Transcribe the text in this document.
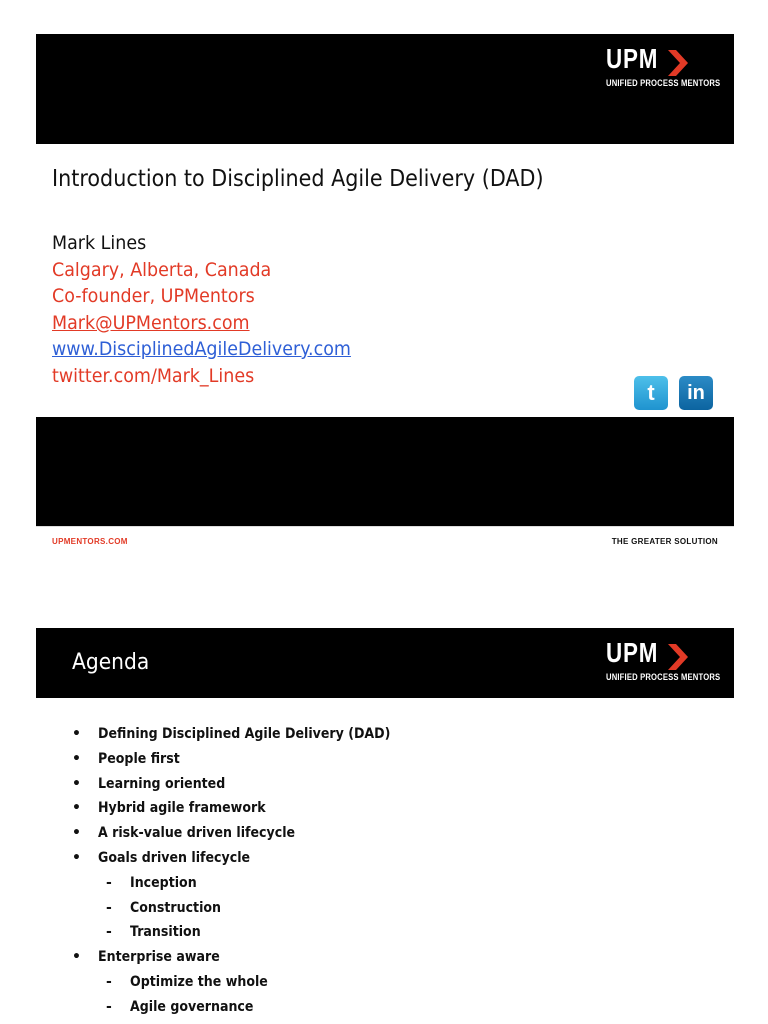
UPM
UNIFIED PROCESS MENTORS
Introduction to Disciplined Agile Delivery (DAD)
Mark Lines
Calgary, Alberta, Canada
Co-founder, UPMentors
Mark@UPMentors.com
www.DisciplinedAgileDelivery.com
twitter.com/Mark_Lines
t	in
UPMENTORS.COM	THE GREATER SOLUTION
Agenda	UPM
UNIFIED PROCESS MENTORS
• Defining Disciplined Agile Delivery (DAD)
• People first
• Learning oriented
• Hybrid agile framework
• A risk-value driven lifecycle
• Goals driven lifecycle
- Inception
- Construction
- Transition
• Enterprise aware
- Optimize the whole
- Agile governance
